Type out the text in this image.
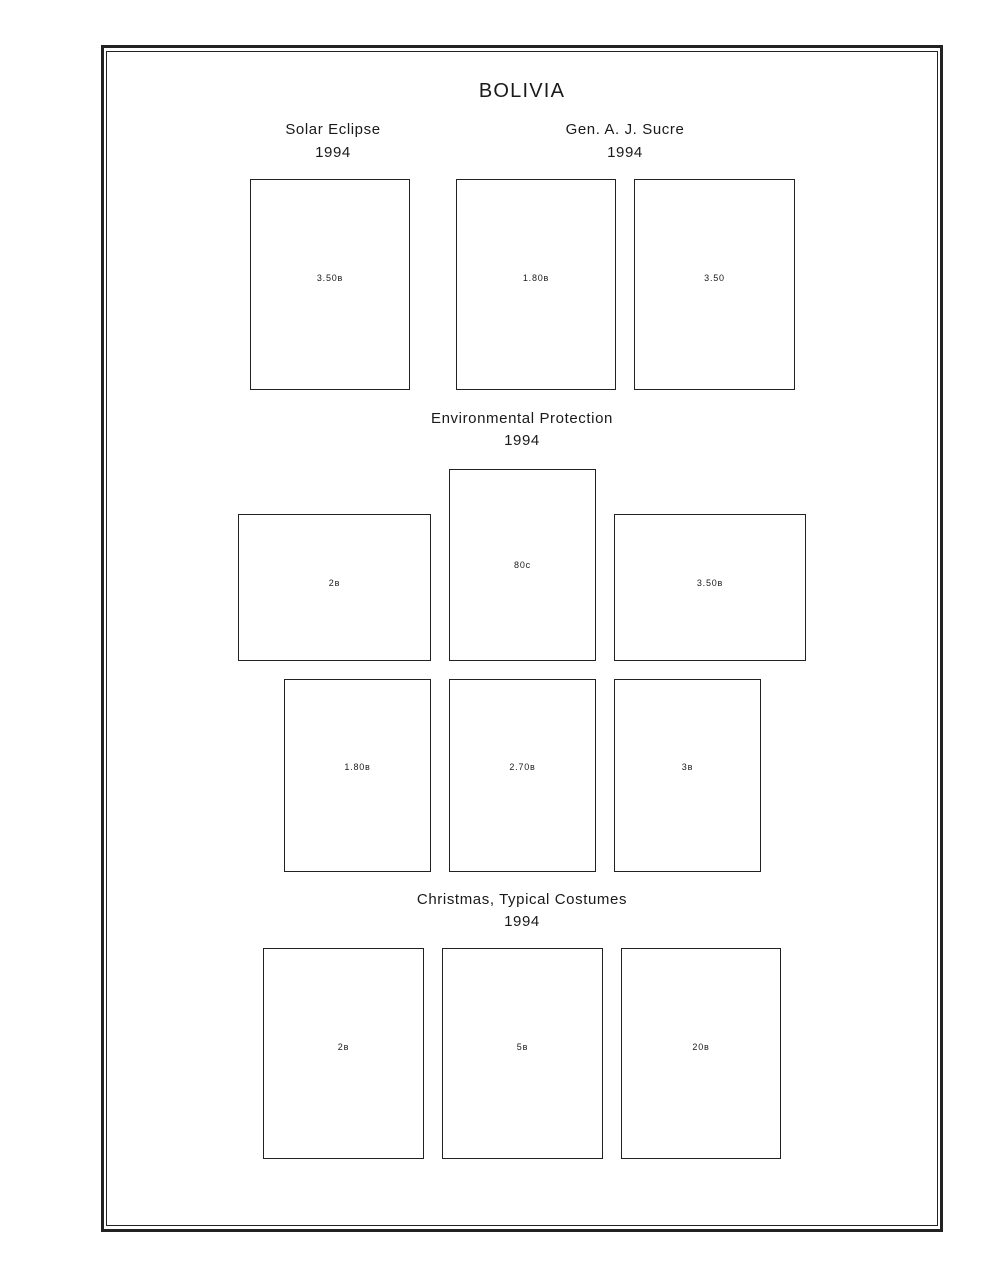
BOLIVIA
Solar Eclipse
1994
Gen. A. J. Sucre
1994
3.50в	1.80в	3.50
Environmental Protection
1994
2в
80c
3.50в
1.80в	2.70в	3в
Christmas, Typical Costumes
1994
2в	5в	20в
